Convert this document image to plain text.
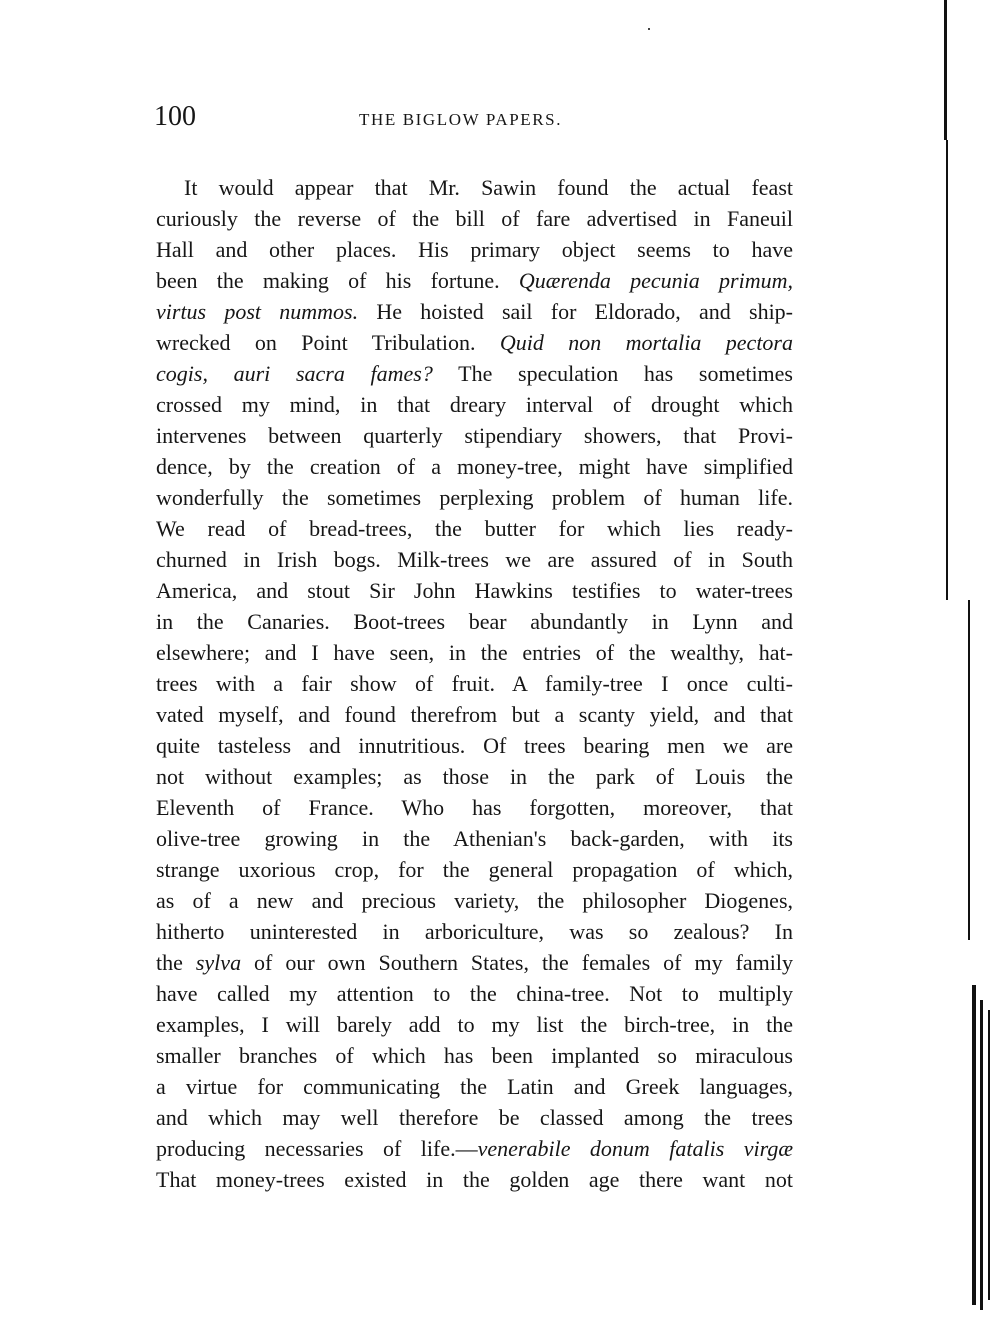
100	THE BIGLOW PAPERS.
It would appear that Mr. Sawin found the actual feast
curiously the reverse of the bill of fare advertised in Faneuil
Hall and other places. His primary object seems to have
been the making of his fortune. Quærenda pecunia primum,
virtus post nummos. He hoisted sail for Eldorado, and ship-
wrecked on Point Tribulation. Quid non mortalia pectora
cogis, auri sacra fames? The speculation has sometimes
crossed my mind, in that dreary interval of drought which
intervenes between quarterly stipendiary showers, that Provi-
dence, by the creation of a money-tree, might have simplified
wonderfully the sometimes perplexing problem of human life.
We read of bread-trees, the butter for which lies ready-
churned in Irish bogs. Milk-trees we are assured of in South
America, and stout Sir John Hawkins testifies to water-trees
in the Canaries. Boot-trees bear abundantly in Lynn and
elsewhere; and I have seen, in the entries of the wealthy, hat-
trees with a fair show of fruit. A family-tree I once culti-
vated myself, and found therefrom but a scanty yield, and that
quite tasteless and innutritious. Of trees bearing men we are
not without examples; as those in the park of Louis the
Eleventh of France. Who has forgotten, moreover, that
olive-tree growing in the Athenian's back-garden, with its
strange uxorious crop, for the general propagation of which,
as of a new and precious variety, the philosopher Diogenes,
hitherto uninterested in arboriculture, was so zealous? In
the sylva of our own Southern States, the females of my family
have called my attention to the china-tree. Not to multiply
examples, I will barely add to my list the birch-tree, in the
smaller branches of which has been implanted so miraculous
a virtue for communicating the Latin and Greek languages,
and which may well therefore be classed among the trees
producing necessaries of life.—venerabile donum fatalis virgæ
That money-trees existed in the golden age there want not
